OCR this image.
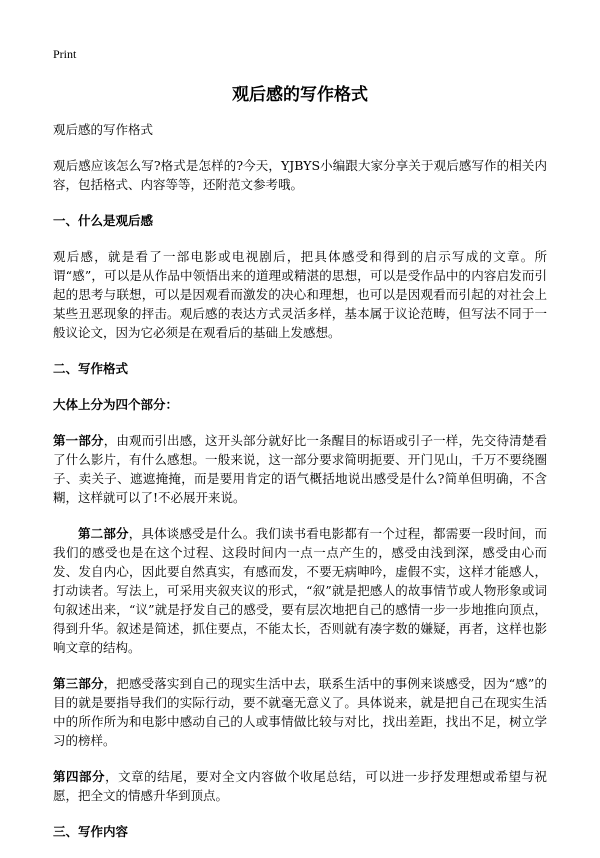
Print
观后感的写作格式

观后感的写作格式

观后感应该怎么写?格式是怎样的?今天，YJBYS小编跟大家分享关于观后感写作的相关内容，包括格式、内容等等，还附范文参考哦。

一、什么是观后感

观后感，就是看了一部电影或电视剧后，把具体感受和得到的启示写成的文章。所谓“感”，可以是从作品中领悟出来的道理或精湛的思想，可以是受作品中的内容启发而引起的思考与联想，可以是因观看而激发的决心和理想，也可以是因观看而引起的对社会上某些丑恶现象的抨击。观后感的表达方式灵活多样，基本属于议论范畴，但写法不同于一般议论文，因为它必须是在观看后的基础上发感想。

二、写作格式

大体上分为四个部分：

第一部分，由观而引出感，这开头部分就好比一条醒目的标语或引子一样，先交待清楚看了什么影片，有什么感想。一般来说，这一部分要求简明扼要、开门见山，千万不要绕圈子、卖关子、遮遮掩掩，而是要用肯定的语气概括地说出感受是什么?简单但明确，不含糊，这样就可以了!不必展开来说。

第二部分，具体谈感受是什么。我们读书看电影都有一个过程，都需要一段时间，而我们的感受也是在这个过程、这段时间内一点一点产生的，感受由浅到深，感受由心而发、发自内心，因此要自然真实，有感而发，不要无病呻吟，虚假不实，这样才能感人，打动读者。写法上，可采用夹叙夹议的形式，“叙”就是把感人的故事情节或人物形象或词句叙述出来，“议”就是抒发自己的感受，要有层次地把自己的感情一步一步地推向顶点，得到升华。叙述是简述，抓住要点，不能太长，否则就有凑字数的嫌疑，再者，这样也影响文章的结构。

第三部分，把感受落实到自己的现实生活中去，联系生活中的事例来谈感受，因为“感”的目的就是要指导我们的实际行动，要不就毫无意义了。具体说来，就是把自己在现实生活中的所作所为和电影中感动自己的人或事情做比较与对比，找出差距，找出不足，树立学习的榜样。

第四部分，文章的结尾，要对全文内容做个收尾总结，可以进一步抒发理想或希望与祝愿，把全文的情感升华到顶点。

三、写作内容
